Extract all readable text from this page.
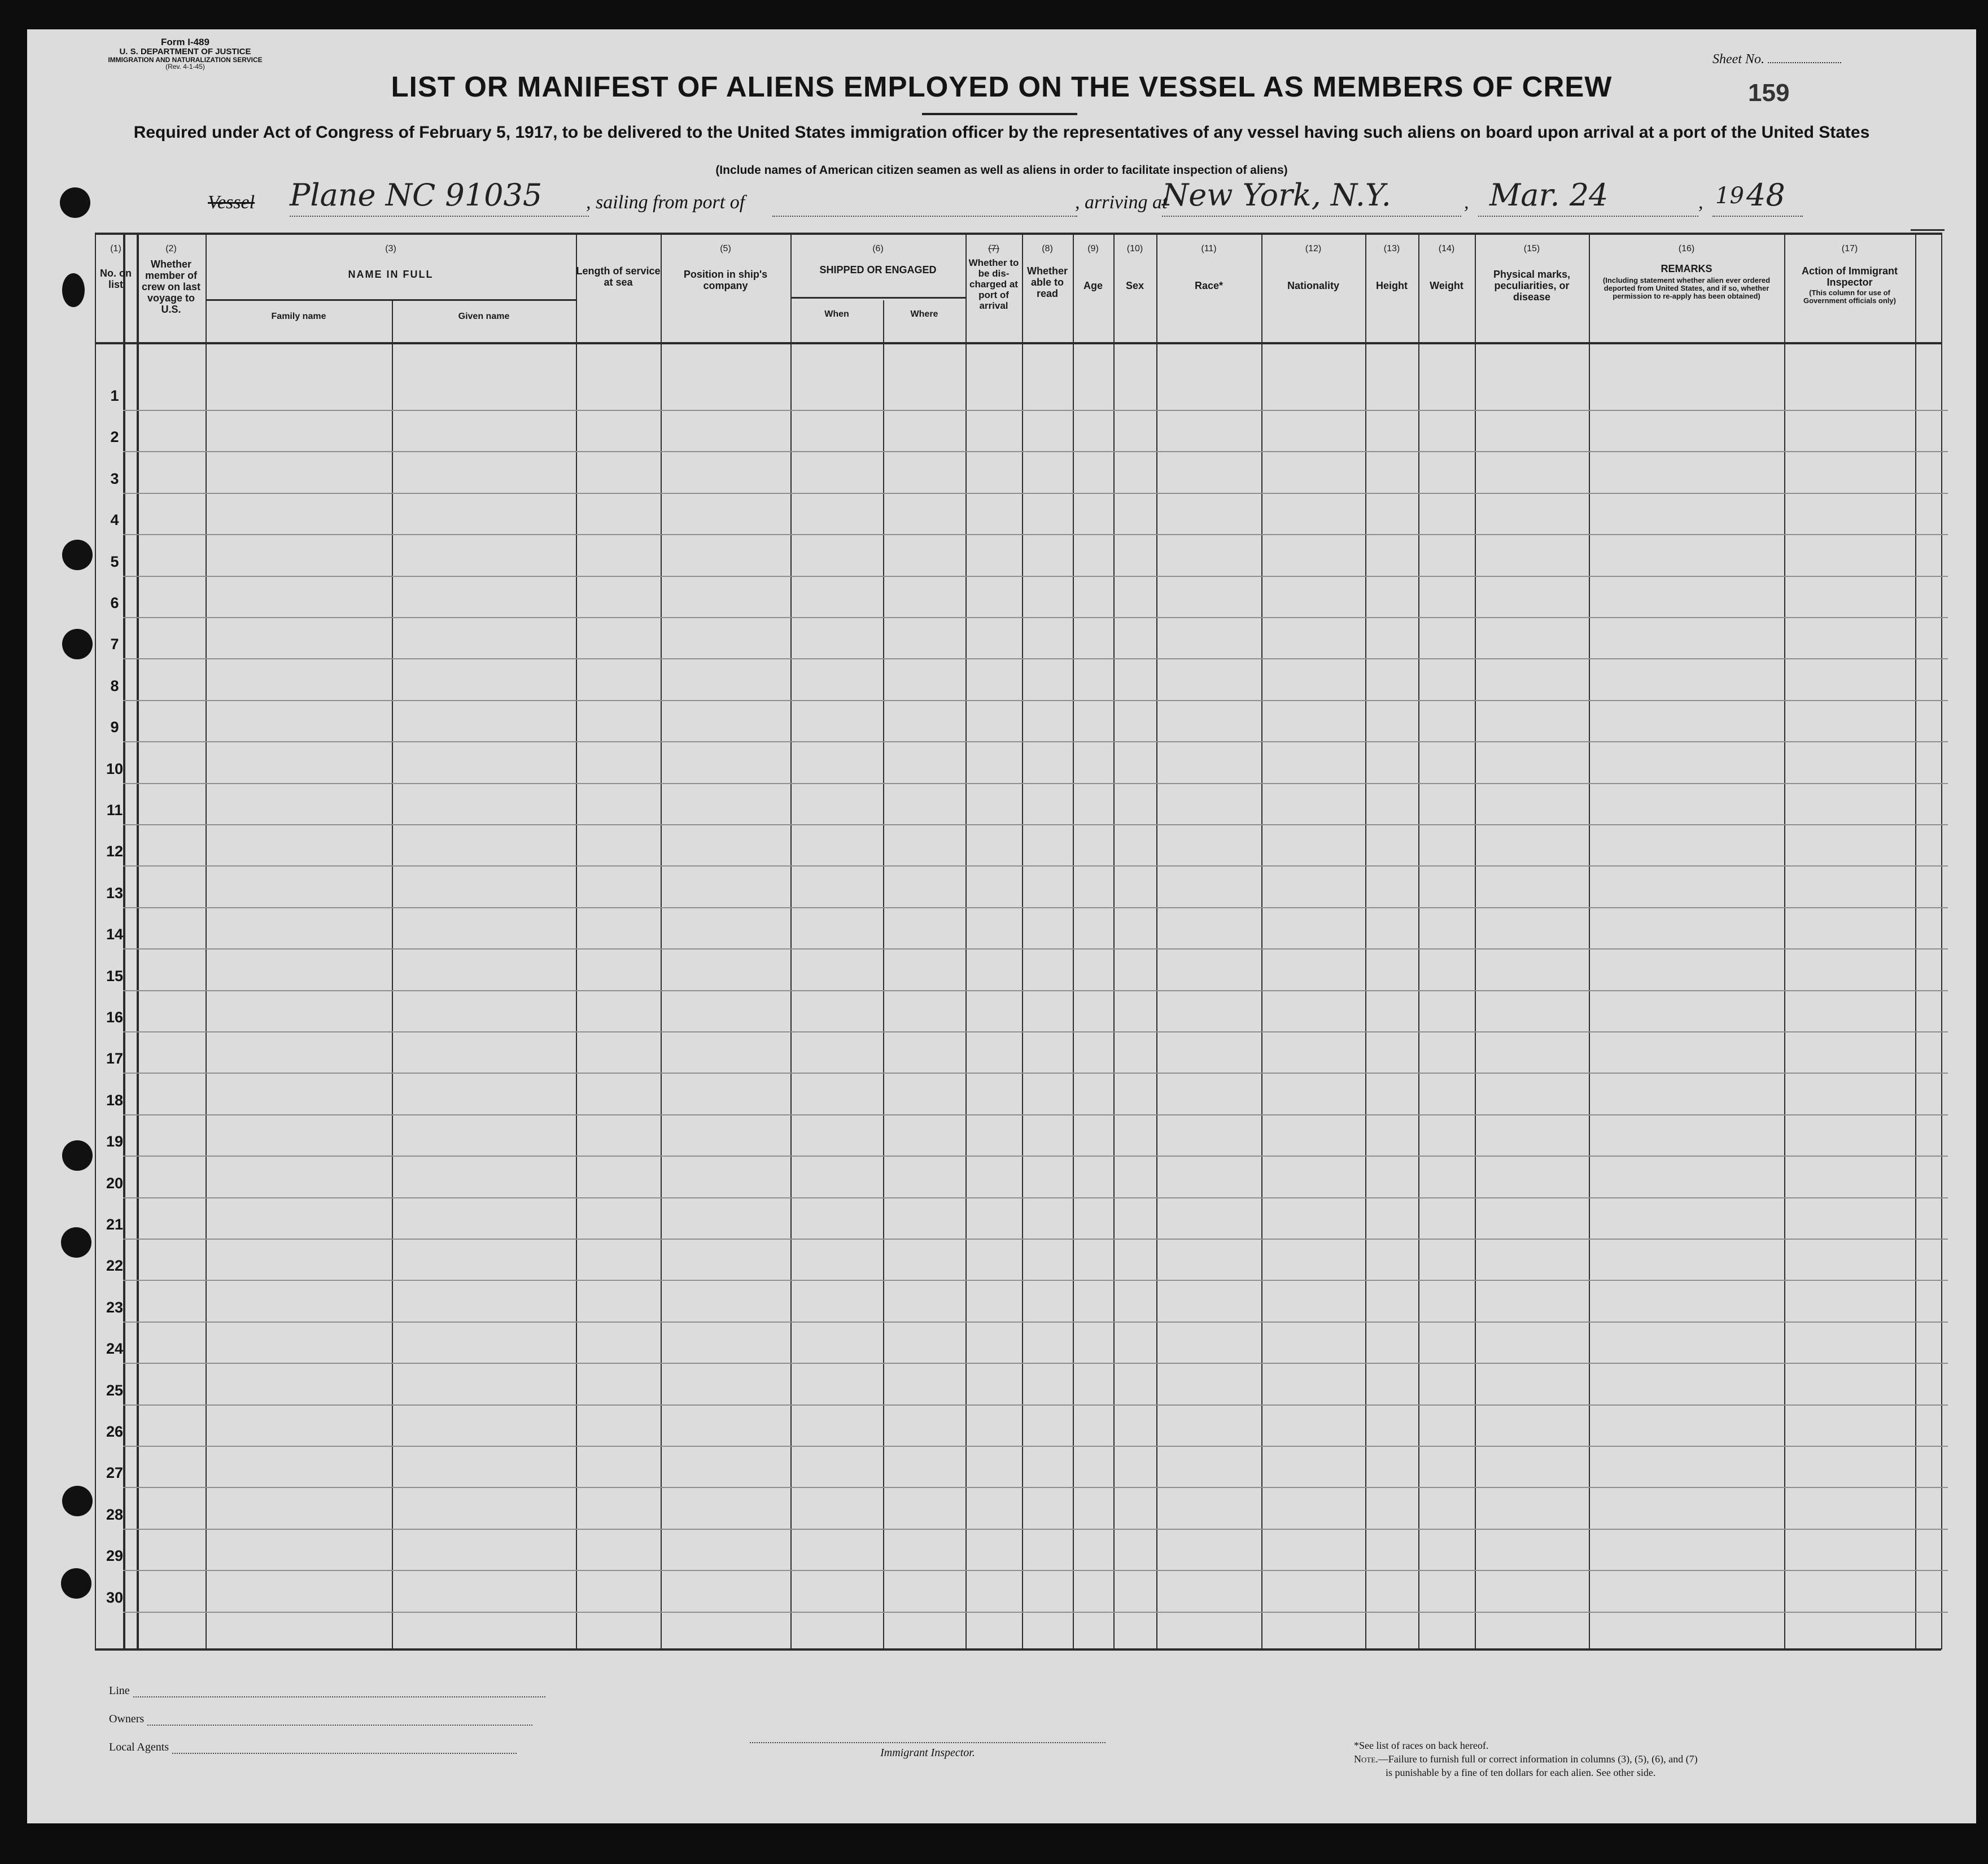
Form I-489
U. S. DEPARTMENT OF JUSTICE
IMMIGRATION AND NATURALIZATION SERVICE
(Rev. 4-1-45)
Sheet No.
159
LIST OR MANIFEST OF ALIENS EMPLOYED ON THE VESSEL AS MEMBERS OF CREW
Required under Act of Congress of February 5, 1917, to be delivered to the United States immigration officer by the representatives of any vessel having such aliens on board upon arrival at a port of the United States
(Include names of American citizen seamen as well as aliens in order to facilitate inspection of aliens)
Vessel	Plane NC 91035	, sailing from port of	, arriving at
New York, N.Y.	, Mar. 24	, 19 48
1
2
3
4
5
6
7
8
9
10
11
12
13
14
15
16
17
18
19
20
21
22
23
24
25
26
27
28
29
30
(1)
No. on list
(2)
Whether member of crew on last voyage to U.S.
(3)
NAME IN FULL
Family name	Given name
Length of service at sea
(5)
Position in ship's company
(6)
SHIPPED OR ENGAGED
When	Where
(7)
Whether to be dis-charged at port of arrival
(8)
Whether able to read
(9)
Age
(10)
Sex
(11)
Race*
(12)
Nationality
(13)
Height
(14)
Weight
(15)
Physical marks, peculiarities, or disease
(16)
REMARKS
(Including statement whether alien ever ordered deported from United States, and if so, whether permission to re-apply has been obtained)
(17)
Action of Immigrant Inspector
(This column for use of Government officials only)
Line
Owners
Local Agents	Immigrant Inspector.
*See list of races on back hereof.
Note.—Failure to furnish full or correct information in columns (3), (5), (6), and (7)
is punishable by a fine of ten dollars for each alien. See other side.
